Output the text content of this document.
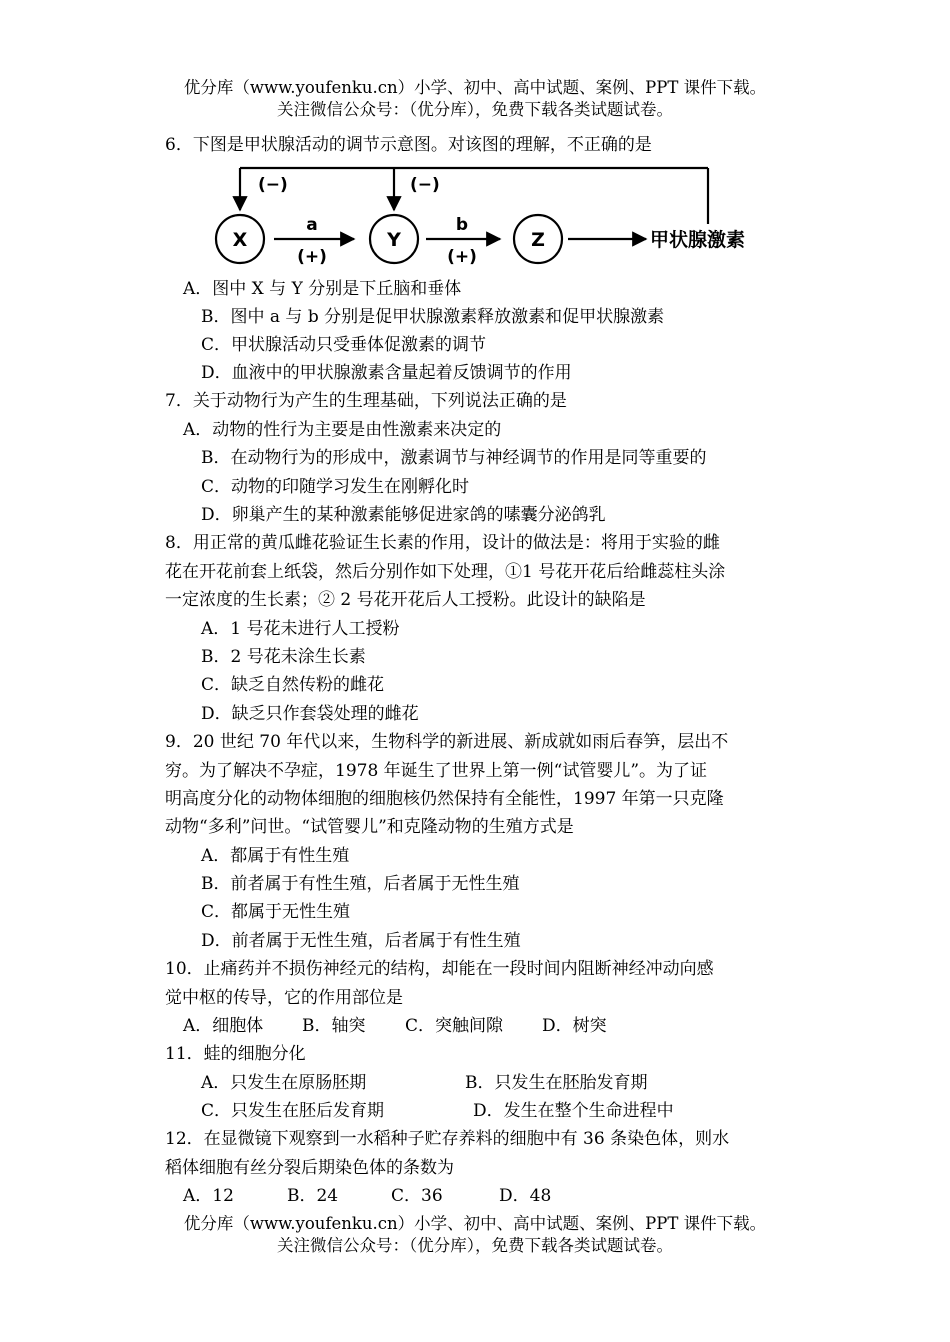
优分库（www.youfenku.cn）小学、初中、高中试题、案例、PPT 课件下载。
关注微信公众号：（优分库），免费下载各类试题试卷。
6．下图是甲状腺活动的调节示意图。对该图的理解，不正确的是
(−)	(−)
X	Y	Z
a
(+)
b
(+)
甲状腺激素
A．图中 X 与 Y 分别是下丘脑和垂体
B．图中 a 与 b 分别是促甲状腺激素释放激素和促甲状腺激素
C．甲状腺活动只受垂体促激素的调节
D．血液中的甲状腺激素含量起着反馈调节的作用
7．关于动物行为产生的生理基础，下列说法正确的是
A．动物的性行为主要是由性激素来决定的
B．在动物行为的形成中，激素调节与神经调节的作用是同等重要的
C．动物的印随学习发生在刚孵化时
D．卵巢产生的某种激素能够促进家鸽的嗉囊分泌鸽乳
8．用正常的黄瓜雌花验证生长素的作用，设计的做法是：将用于实验的雌
花在开花前套上纸袋，然后分别作如下处理，①1 号花开花后给雌蕊柱头涂
一定浓度的生长素；② 2 号花开花后人工授粉。此设计的缺陷是
A．1 号花未进行人工授粉
B．2 号花未涂生长素
C．缺乏自然传粉的雌花
D．缺乏只作套袋处理的雌花
9．20 世纪 70 年代以来，生物科学的新进展、新成就如雨后春笋，层出不
穷。为了解决不孕症，1978 年诞生了世界上第一例“试管婴儿”。为了证
明高度分化的动物体细胞的细胞核仍然保持有全能性，1997 年第一只克隆
动物“多利”问世。“试管婴儿”和克隆动物的生殖方式是
A．都属于有性生殖
B．前者属于有性生殖，后者属于无性生殖
C．都属于无性生殖
D．前者属于无性生殖，后者属于有性生殖
10．止痛药并不损伤神经元的结构，却能在一段时间内阻断神经冲动向感
觉中枢的传导，它的作用部位是
A．细胞体 B．轴突 C．突触间隙 D．树突
11．蛙的细胞分化
A．只发生在原肠胚期	B．只发生在胚胎发育期
C．只发生在胚后发育期	D．发生在整个生命进程中
12．在显微镜下观察到一水稻种子贮存养料的细胞中有 36 条染色体，则水
稻体细胞有丝分裂后期染色体的条数为
A．12	B．24	C．36	D．48
优分库（www.youfenku.cn）小学、初中、高中试题、案例、PPT 课件下载。
关注微信公众号：（优分库），免费下载各类试题试卷。
